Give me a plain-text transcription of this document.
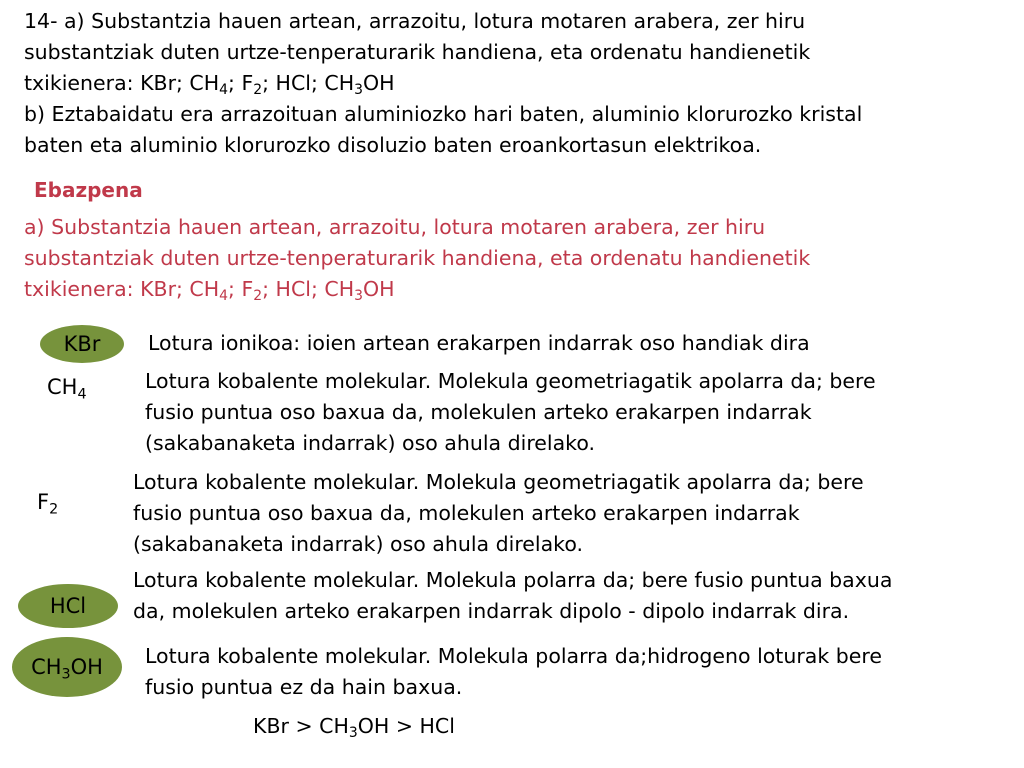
14- a) Substantzia hauen artean, arrazoitu, lotura motaren arabera, zer hiru
substantziak duten urtze-tenperaturarik handiena, eta ordenatu handienetik
txikienera: KBr; $CH_4$; $F_2$; HCl; $CH_3OH$
b) Eztabaidatu era arrazoituan aluminiozko hari baten, aluminio klorurozko kristal
baten eta aluminio klorurozko disoluzio baten eroankortasun elektrikoa.
Ebazpena
a) Substantzia hauen artean, arrazoitu, lotura motaren arabera, zer hiru
substantziak duten urtze-tenperaturarik handiena, eta ordenatu handienetik
txikienera: KBr; $CH_4$; $F_2$; HCl; $CH_3OH$
KBr Lotura ionikoa: ioien artean erakarpen indarrak oso handiak dira
$CH_4$
Lotura kobalente molekular. Molekula geometriagatik apolarra da; bere
fusio puntua oso baxua da, molekulen arteko erakarpen indarrak
(sakabanaketa indarrak) oso ahula direlako.
$F_2$
Lotura kobalente molekular. Molekula geometriagatik apolarra da; bere
fusio puntua oso baxua da, molekulen arteko erakarpen indarrak
(sakabanaketa indarrak) oso ahula direlako.
HCl
Lotura kobalente molekular. Molekula polarra da; bere fusio puntua baxua
da, molekulen arteko erakarpen indarrak dipolo - dipolo indarrak dira.
$CH_3OH$ Lotura kobalente molekular. Molekula polarra da;hidrogeno loturak bere
fusio puntua ez da hain baxua.
KBr > $CH_3OH$ > HCl
